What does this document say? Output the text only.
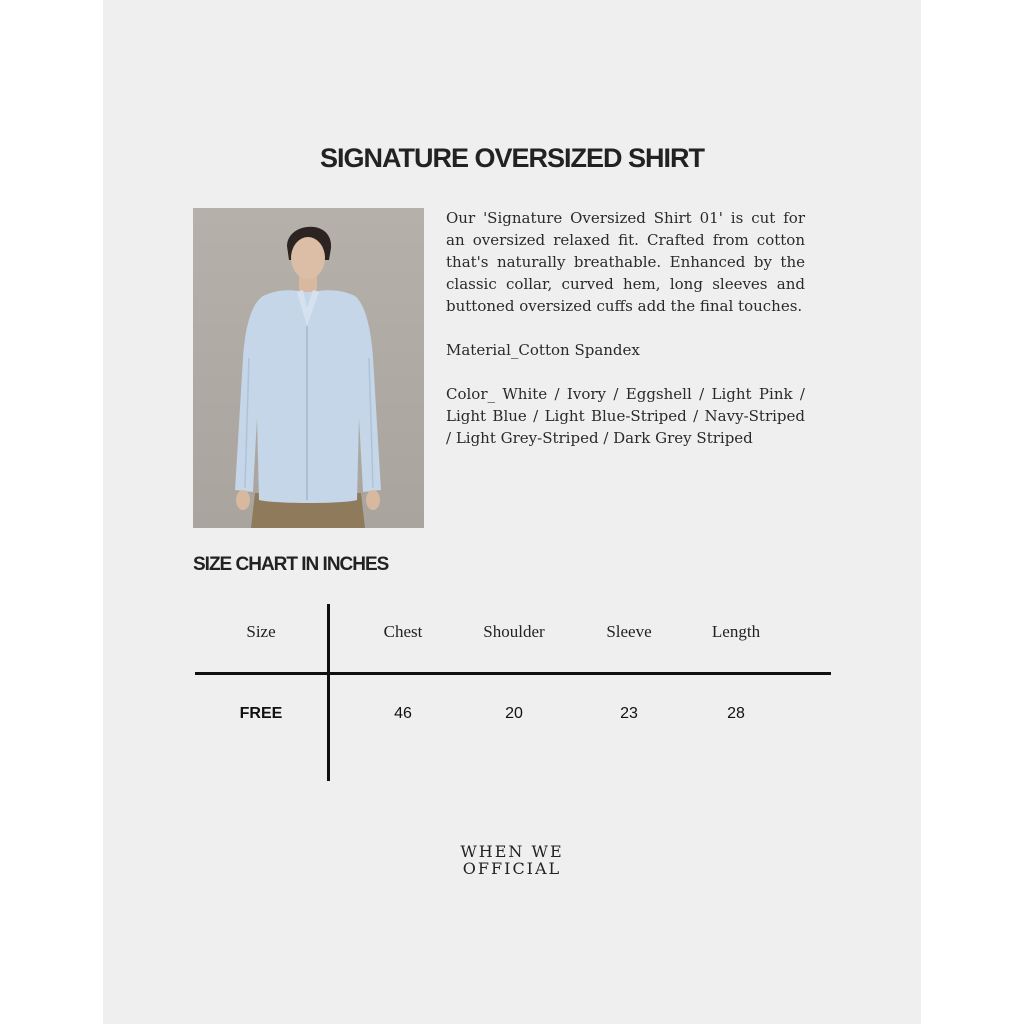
SIGNATURE OVERSIZED SHIRT

Our 'Signature Oversized Shirt 01' is cut for an oversized relaxed fit. Crafted from cotton that's naturally breathable. Enhanced by the classic collar, curved hem, long sleeves and buttoned oversized cuffs add the final touches.

Material_Cotton Spandex

Color_ White / Ivory / Eggshell / Light Pink / Light Blue / Light Blue-Striped / Navy-Striped / Light Grey-Striped / Dark Grey Striped

SIZE CHART IN INCHES
Size	Chest	Shoulder	Sleeve	Length
FREE	46	20	23	28
WHEN WE
OFFICIAL
